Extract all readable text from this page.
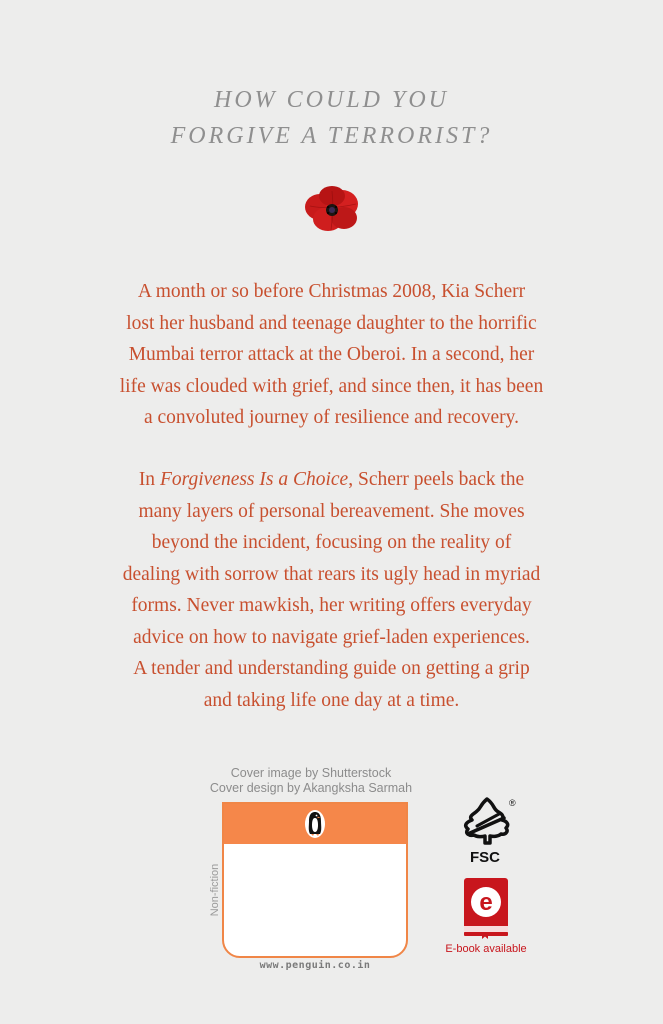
HOW COULD YOU
FORGIVE A TERRORIST?
A month or so before Christmas 2008, Kia Scherr
lost her husband and teenage daughter to the horrific
Mumbai terror attack at the Oberoi. In a second, her
life was clouded with grief, and since then, it has been
a convoluted journey of resilience and recovery.
In Forgiveness Is a Choice, Scherr peels back the
many layers of personal bereavement. She moves
beyond the incident, focusing on the reality of
dealing with sorrow that rears its ugly head in myriad
forms. Never mawkish, her writing offers everyday
advice on how to navigate grief-laden experiences.
A tender and understanding guide on getting a grip
and taking life one day at a time.
Cover image by Shutterstock
Cover design by Akangksha Sarmah
Non-fiction
www.penguin.co.in
FSC
®
e
E-book available
